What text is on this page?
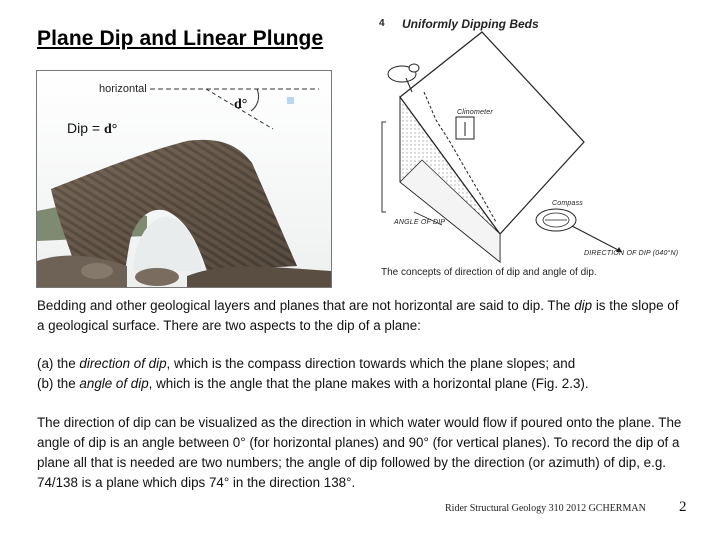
Plane Dip and Linear Plunge
horizontal
d°
Dip = d°
4 Uniformly Dipping Beds
Clinometer
Compass
ANGLE OF DIP
DIRECTION OF DIP (040°N)
The concepts of direction of dip and angle of dip.

Bedding and other geological layers and planes that are not horizontal are said to dip. The dip is the slope of a geological surface. There are two aspects to the dip of a plane:

(a) the direction of dip, which is the compass direction towards which the plane slopes; and

(b) the angle of dip, which is the angle that the plane makes with a horizontal plane (Fig. 2.3).

The direction of dip can be visualized as the direction in which water would flow if poured onto the plane. The angle of dip is an angle between 0° (for horizontal planes) and 90° (for vertical planes). To record the dip of a plane all that is needed are two numbers; the angle of dip followed by the direction (or azimuth) of dip, e.g. 74/138 is a plane which dips 74° in the direction 138°.

Rider Structural Geology 310 2012 GCHERMAN 2
